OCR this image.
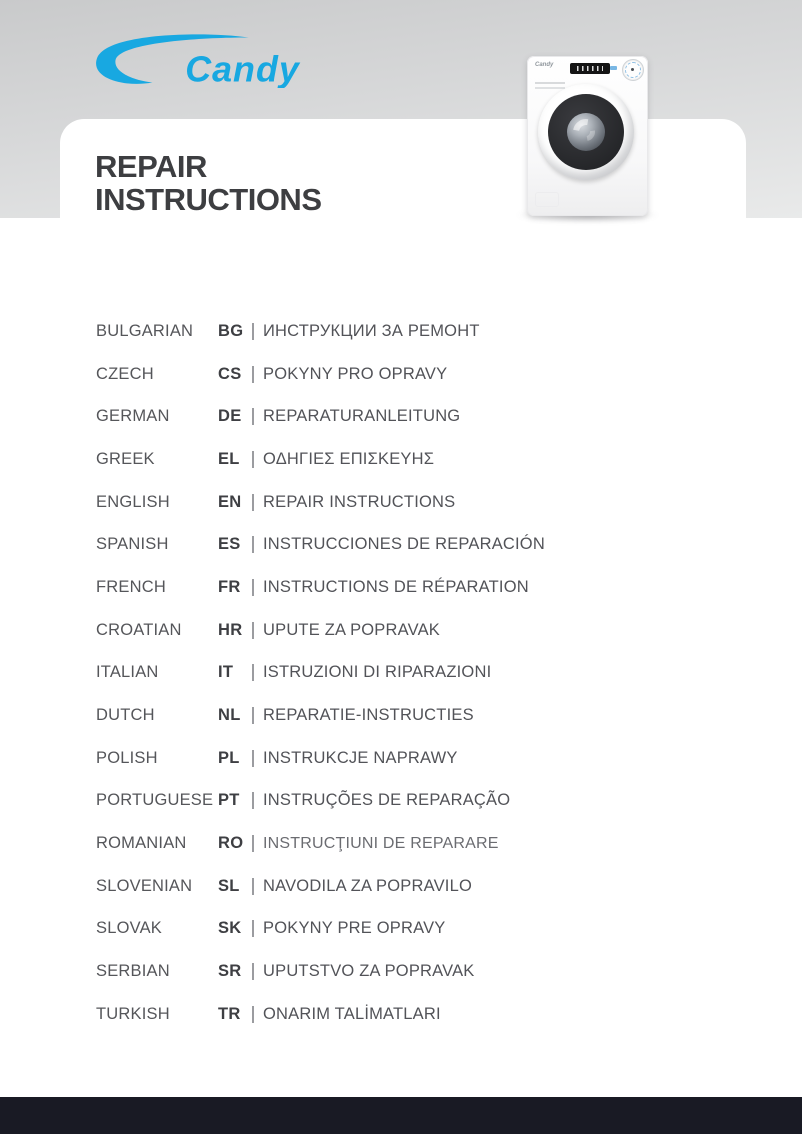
Candy	Candy
REPAIR
INSTRUCTIONS
BULGARIAN	BG	ИНСТРУКЦИИ ЗА РЕМОНТ
CZECH	CS	POKYNY PRO OPRAVY
GERMAN	DE	REPARATURANLEITUNG
GREEK	EL	ΟΔΗΓΙΕΣ ΕΠΙΣΚΕΥΗΣ
ENGLISH	EN	REPAIR INSTRUCTIONS
SPANISH	ES	INSTRUCCIONES DE REPARACIÓN
FRENCH	FR	INSTRUCTIONS DE RÉPARATION
CROATIAN	HR	UPUTE ZA POPRAVAK
ITALIAN	IT	ISTRUZIONI DI RIPARAZIONI
DUTCH	NL	REPARATIE-INSTRUCTIES
POLISH	PL	INSTRUKCJE NAPRAWY
PORTUGUESE PT	INSTRUÇÕES DE REPARAÇÃO
ROMANIAN	RO	INSTRUCŢIUNI DE REPARARE
SLOVENIAN	SL	NAVODILA ZA POPRAVILO
SLOVAK	SK	POKYNY PRE OPRAVY
SERBIAN	SR	UPUTSTVO ZA POPRAVAK
TURKISH	TR	ONARIM TALİMATLARI
